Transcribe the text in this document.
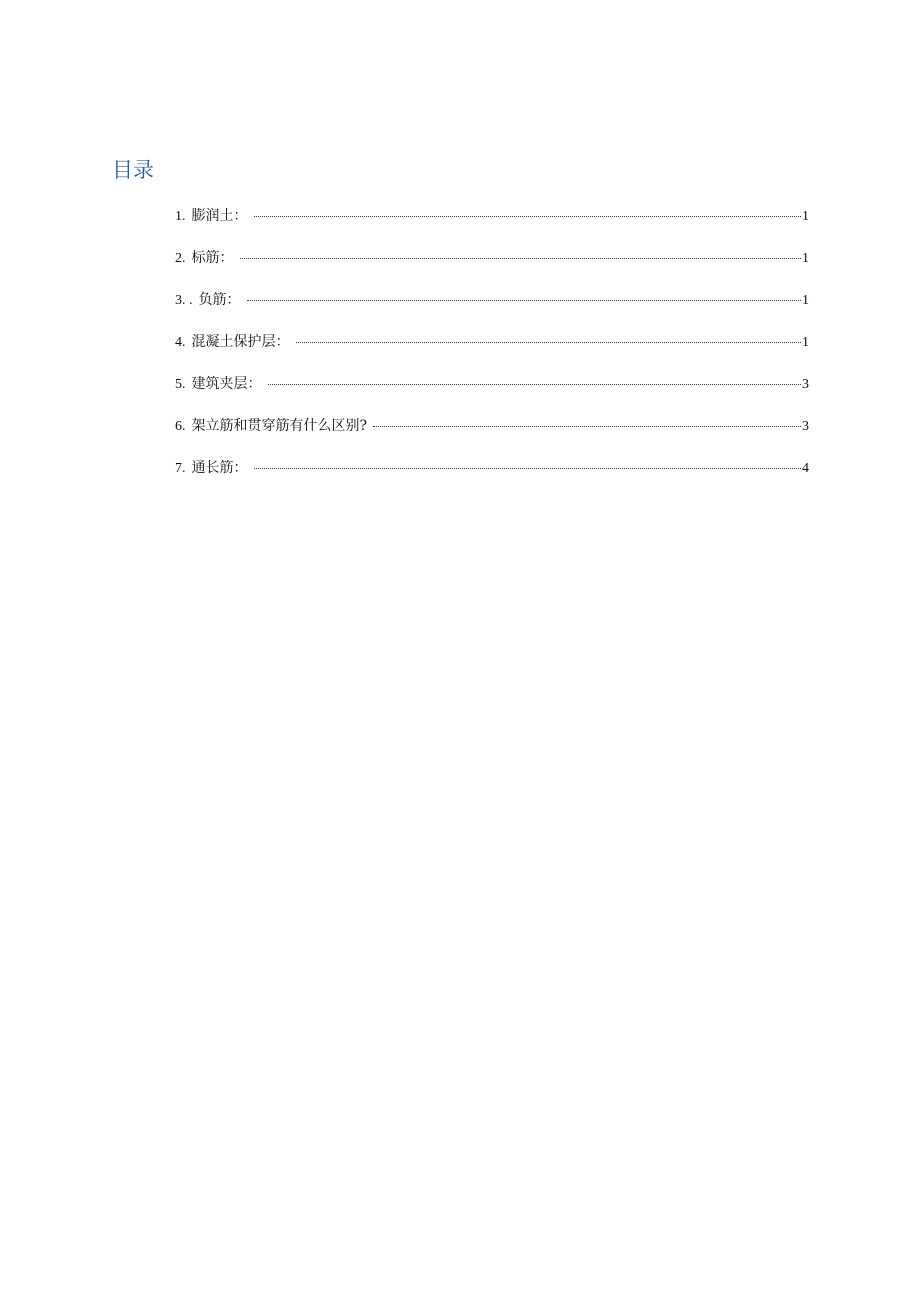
目录
1. 膨润土：	1
2. 标筋：	1
3. . 负筋：	1
4. 混凝土保护层：	1
5. 建筑夹层：	3
6. 架立筋和贯穿筋有什么区别?	3
7. 通长筋：	4
